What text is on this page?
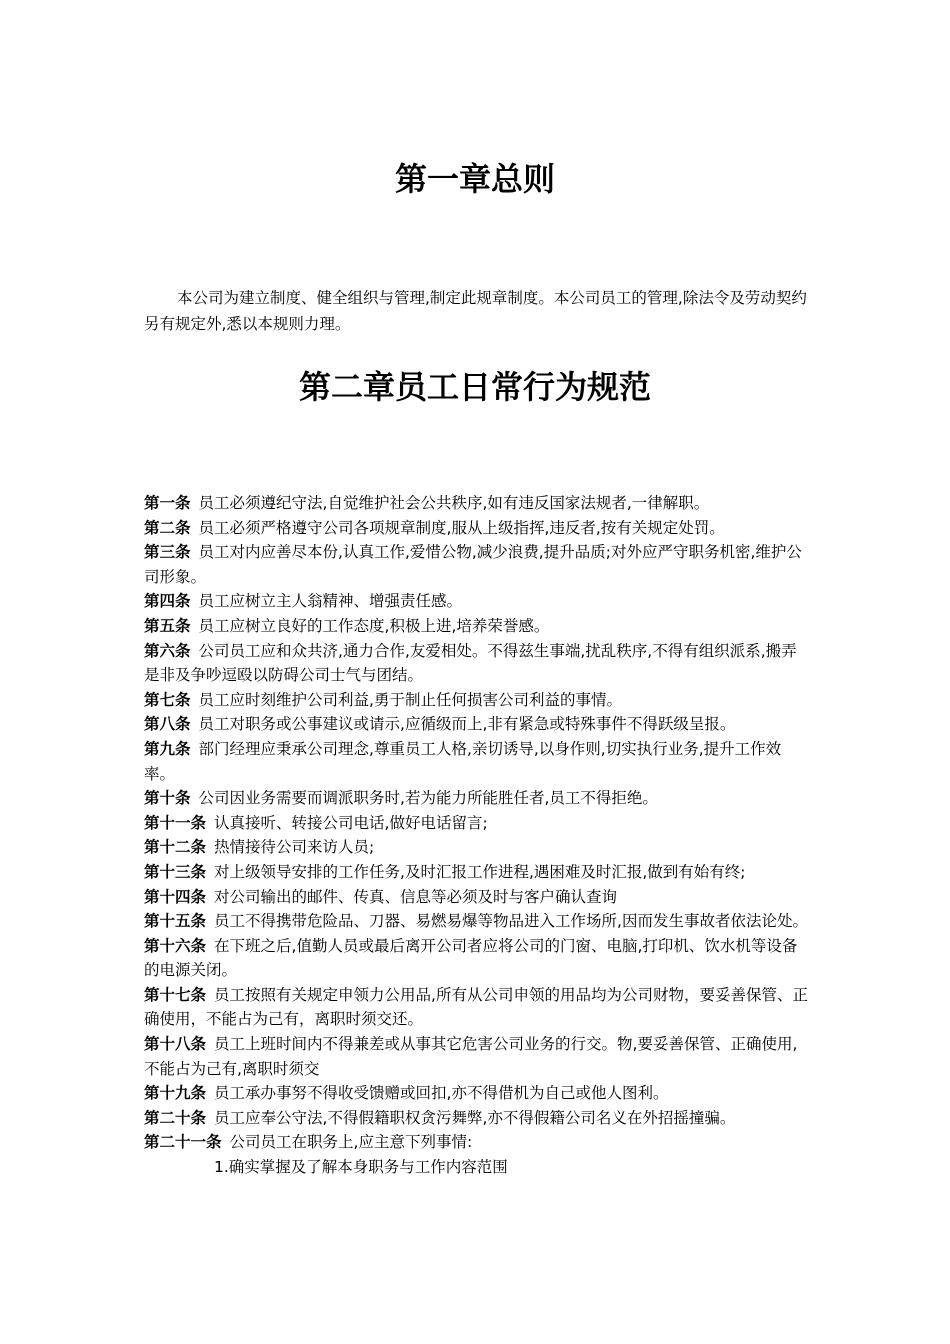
第一章总则

本公司为建立制度、健全组织与管理,制定此规章制度。本公司员工的管理,除法令及劳动契约另有规定外,悉以本规则力理。

第二章员工日常行为规范

第一条 员工必须遵纪守法,自觉维护社会公共秩序,如有违反国家法规者,一律解职。

第二条 员工必须严格遵守公司各项规章制度,服从上级指挥,违反者,按有关规定处罚。

第三条 员工对内应善尽本份,认真工作,爱惜公物,减少浪费,提升品质;对外应严守职务机密,维护公司形象。

第四条 员工应树立主人翁精神、增强责任感。

第五条 员工应树立良好的工作态度,积极上进,培养荣誉感。

第六条 公司员工应和众共济,通力合作,友爱相处。不得兹生事端,扰乱秩序,不得有组织派系,搬弄是非及争吵逗殴以防碍公司士气与团结。

第七条 员工应时刻维护公司利益,勇于制止任何损害公司利益的事情。

第八条 员工对职务或公事建议或请示,应循级而上,非有紧急或特殊事件不得跃级呈报。

第九条 部门经理应秉承公司理念,尊重员工人格,亲切诱导,以身作则,切实执行业务,提升工作效率。

第十条 公司因业务需要而调派职务时,若为能力所能胜任者,员工不得拒绝。

第十一条 认真接听、转接公司电话,做好电话留言;

第十二条 热情接待公司来访人员;

第十三条 对上级领导安排的工作任务,及时汇报工作进程,遇困难及时汇报,做到有始有终;

第十四条 对公司输出的邮件、传真、信息等必须及时与客户确认查询

第十五条 员工不得携带危险品、刀器、易燃易爆等物品进入工作场所,因而发生事故者依法论处。

第十六条 在下班之后,值勤人员或最后离开公司者应将公司的门窗、电脑,打印机、饮水机等设备的电源关闭。

第十七条 员工按照有关规定申领力公用品,所有从公司申领的用品均为公司财物，要妥善保管、正确使用，不能占为己有，离职时须交还。

第十八条 员工上班时间内不得兼差或从事其它危害公司业务的行交。物,要妥善保管、正确使用,不能占为己有,离职时须交

第十九条 员工承办事努不得收受馈赠或回扣,亦不得借机为自己或他人图利。

第二十条 员工应奉公守法,不得假籍职权贪污舞弊,亦不得假籍公司名义在外招摇撞骗。

第二十一条 公司员工在职务上,应主意下列事情:

1.确实掌握及了解本身职务与工作内容范围
